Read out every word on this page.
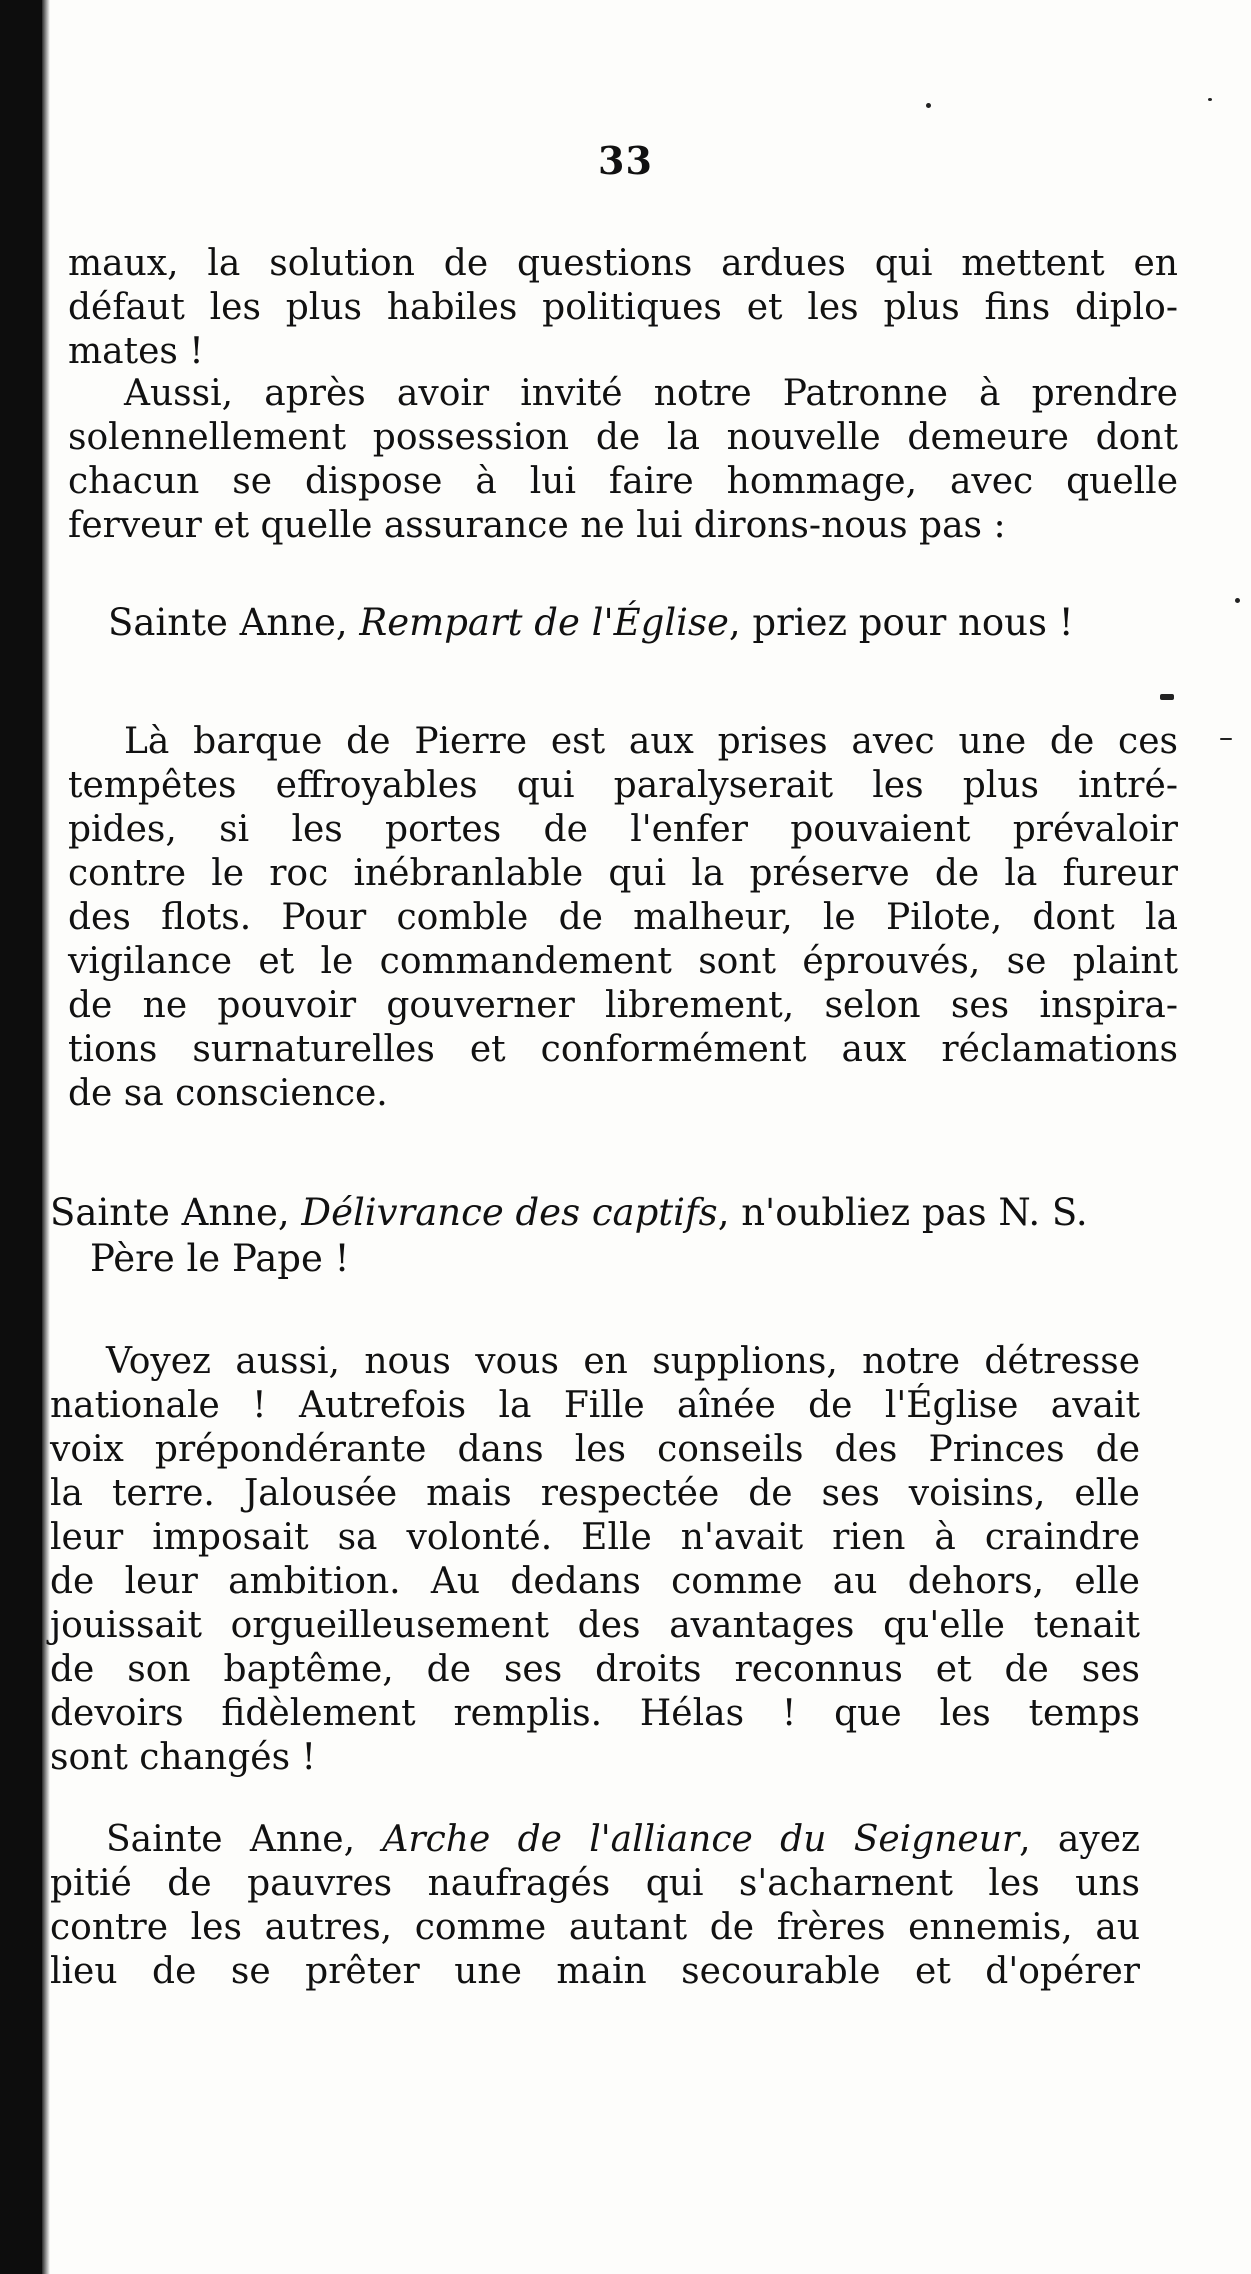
33
maux, la solution de questions ardues qui mettent en
défaut les plus habiles politiques et les plus fins diplo-
mates !
Aussi, après avoir invité notre Patronne à prendre
solennellement possession de la nouvelle demeure dont
chacun se dispose à lui faire hommage, avec quelle
ferveur et quelle assurance ne lui dirons-nous pas :
Sainte Anne, Rempart de l'Église, priez pour nous !
Là barque de Pierre est aux prises avec une de ces
tempêtes effroyables qui paralyserait les plus intré-
pides, si les portes de l'enfer pouvaient prévaloir
contre le roc inébranlable qui la préserve de la fureur
des flots. Pour comble de malheur, le Pilote, dont la
vigilance et le commandement sont éprouvés, se plaint
de ne pouvoir gouverner librement, selon ses inspira-
tions surnaturelles et conformément aux réclamations
de sa conscience.
Sainte Anne, Délivrance des captifs, n'oubliez pas N. S.
Père le Pape !
Voyez aussi, nous vous en supplions, notre détresse
nationale ! Autrefois la Fille aînée de l'Église avait
voix prépondérante dans les conseils des Princes de
la terre. Jalousée mais respectée de ses voisins, elle
leur imposait sa volonté. Elle n'avait rien à craindre
de leur ambition. Au dedans comme au dehors, elle
jouissait orgueilleusement des avantages qu'elle tenait
de son baptême, de ses droits reconnus et de ses
devoirs fidèlement remplis. Hélas ! que les temps
sont changés !
Sainte Anne, Arche de l'alliance du Seigneur, ayez
pitié de pauvres naufragés qui s'acharnent les uns
contre les autres, comme autant de frères ennemis, au
lieu de se prêter une main secourable et d'opérer
